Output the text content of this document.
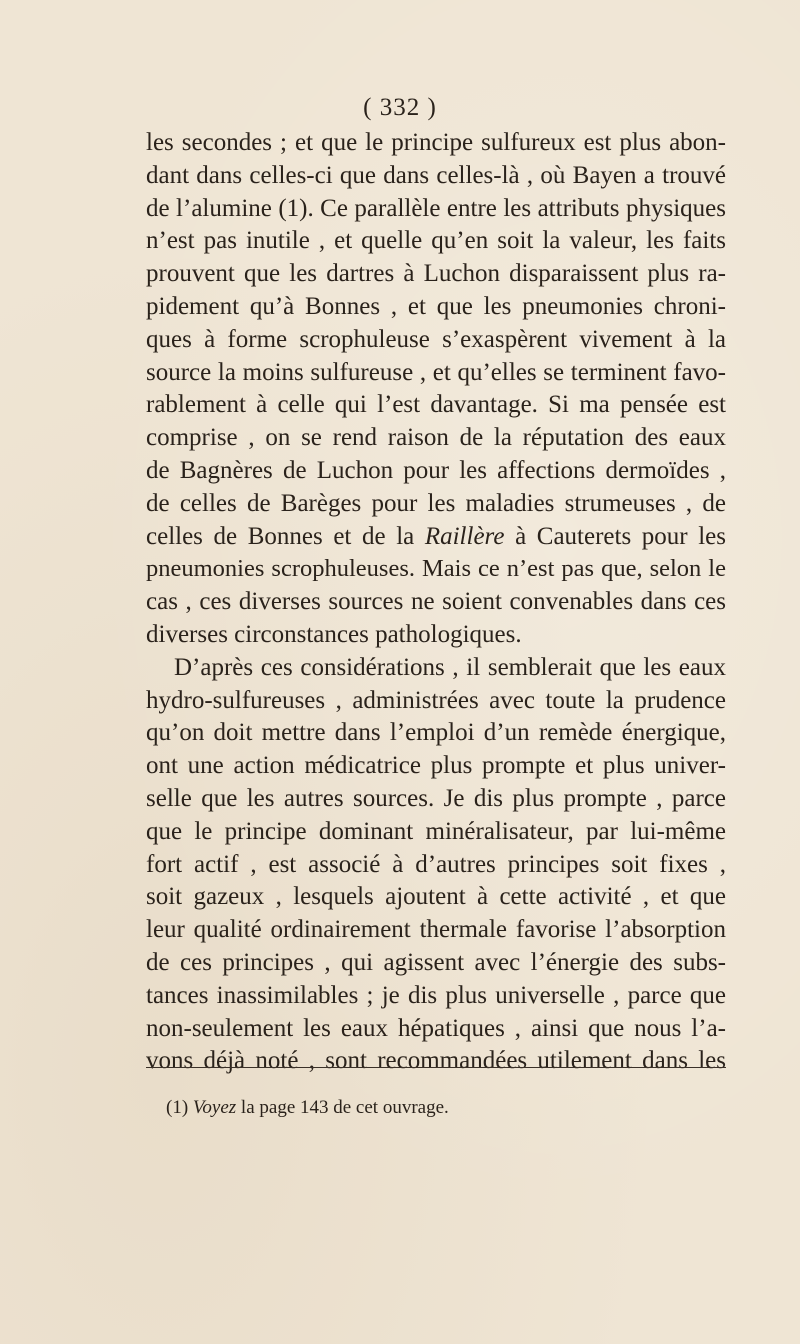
( 332 )
les secondes ; et que le principe sulfureux est plus abon-
dant dans celles-ci que dans celles-là , où Bayen a trouvé
de l’alumine (1). Ce parallèle entre les attributs physiques
n’est pas inutile , et quelle qu’en soit la valeur, les faits
prouvent que les dartres à Luchon disparaissent plus ra-
pidement qu’à Bonnes , et que les pneumonies chroni-
ques à forme scrophuleuse s’exaspèrent vivement à la
source la moins sulfureuse , et qu’elles se terminent favo-
rablement à celle qui l’est davantage. Si ma pensée est
comprise , on se rend raison de la réputation des eaux
de Bagnères de Luchon pour les affections dermoïdes ,
de celles de Barèges pour les maladies strumeuses , de
celles de Bonnes et de la Raillère à Cauterets pour les
pneumonies scrophuleuses. Mais ce n’est pas que, selon le
cas , ces diverses sources ne soient convenables dans ces
diverses circonstances pathologiques.
D’après ces considérations , il semblerait que les eaux
hydro-sulfureuses , administrées avec toute la prudence
qu’on doit mettre dans l’emploi d’un remède énergique,
ont une action médicatrice plus prompte et plus univer-
selle que les autres sources. Je dis plus prompte , parce
que le principe dominant minéralisateur, par lui-même
fort actif , est associé à d’autres principes soit fixes ,
soit gazeux , lesquels ajoutent à cette activité , et que
leur qualité ordinairement thermale favorise l’absorption
de ces principes , qui agissent avec l’énergie des subs-
tances inassimilables ; je dis plus universelle , parce que
non-seulement les eaux hépatiques , ainsi que nous l’a-
vons déjà noté , sont recommandées utilement dans les
(1) Voyez la page 143 de cet ouvrage.
